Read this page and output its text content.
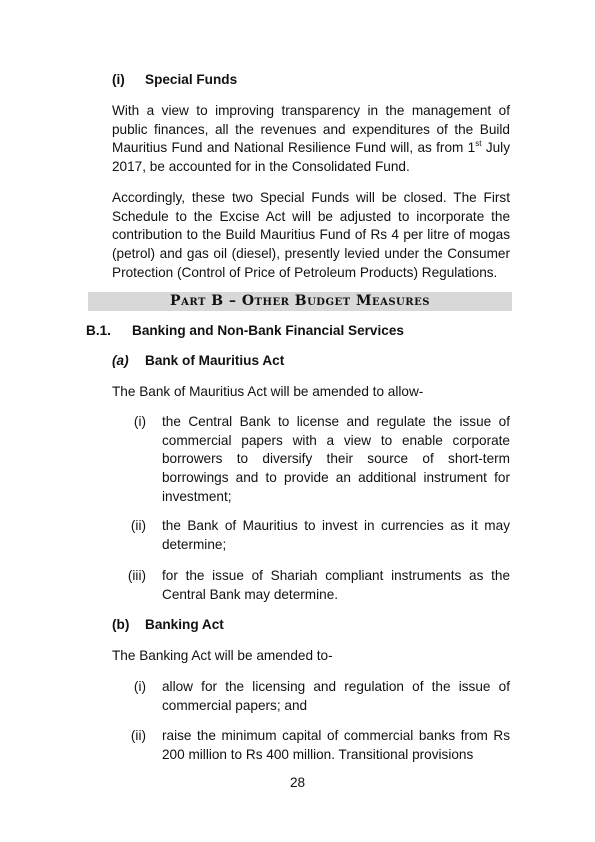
(i) Special Funds

With a view to improving transparency in the management of public finances, all the revenues and expenditures of the Build Mauritius Fund and National Resilience Fund will, as from 1st July 2017, be accounted for in the Consolidated Fund.

Accordingly, these two Special Funds will be closed. The First Schedule to the Excise Act will be adjusted to incorporate the contribution to the Build Mauritius Fund of Rs 4 per litre of mogas (petrol) and gas oil (diesel), presently levied under the Consumer Protection (Control of Price of Petroleum Products) Regulations.

Part B – Other Budget Measures
B.1. Banking and Non-Bank Financial Services
(a) Bank of Mauritius Act
The Bank of Mauritius Act will be amended to allow-
(i) the Central Bank to license and regulate the issue of commercial papers with a view to enable corporate borrowers to diversify their source of short-term borrowings and to provide an additional instrument for investment;

(ii) the Bank of Mauritius to invest in currencies as it may determine;

(iii) for the issue of Shariah compliant instruments as the Central Bank may determine.

(b) Banking Act
The Banking Act will be amended to-
(i) allow for the licensing and regulation of the issue of commercial papers; and

(ii) raise the minimum capital of commercial banks from Rs 200 million to Rs 400 million. Transitional provisions

28
